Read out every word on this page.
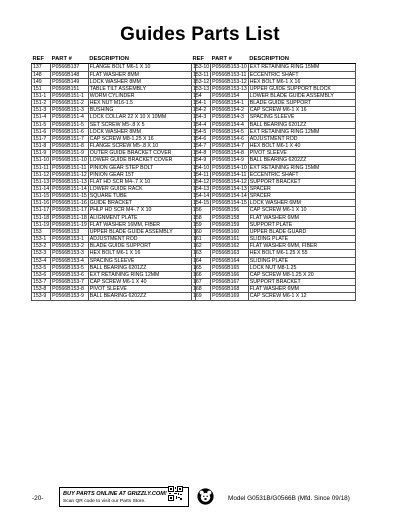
Guides Parts List
REF	PART #	DESCRIPTION
137	P0566B137	FLANGE BOLT M6-1 X 10
148	P0566B148	FLAT WASHER 8MM
149	P0566B149	LOCK WASHER 8MM
151	P0566B151	TABLE TILT ASSEMBLY
151-1	P0566B151-1	WORM CYLINDER
151-2	P0566B151-2	HEX NUT M16-1.5
151-3	P0566B151-3	BUSHING
151-4	P0566B151-4	LOCK COLLAR 22 X 10 X 10MM
151-5	P0566B151-5	SET SCREW M5-.8 X 5
151-6	P0566B151-6	LOCK WASHER 8MM
151-7	P0566B151-7	CAP SCREW M8-1.25 X 16
151-8	P0566B151-8	FLANGE SCREW M5-.8 X 10
151-9	P0566B151-9	OUTER GUIDE BRACKET COVER
151-10	P0566B151-10	LOWER GUIDE BRACKET COVER
151-11	P0566B151-11	PINION GEAR STEP BOLT
151-12	P0566B151-12	PINION GEAR 15T
151-13	P0566B151-13	FLAT HD SCR M4-.7 X 10
151-14	P0566B151-14	LOWER GUIDE RACK
151-15	P0566B151-15	SQUARE TUBE
151-16	P0566B151-16	GUIDE BRACKET
151-17	P0566B151-17	PHLP HD SCR M4-.7 X 10
151-18	P0566B151-18	ALIGNMENT PLATE
151-19	P0566B151-19	FLAT WASHER 16MM, FIBER
153	P0566B153	UPPER BLADE GUIDE ASSEMBLY
153-1	P0566B153-1	ADJUSTMENT ROD
153-2	P0566B153-2	BLADE GUIDE SUPPORT
153-3	P0566B153-3	HEX BOLT M6-1 X 16
153-4	P0566B153-4	SPACING SLEEVE
153-5	P0566B153-5	BALL BEARING 6201ZZ
153-6	P0566B153-6	EXT RETAINING RING 12MM
153-7	P0566B153-7	CAP SCREW M6-1 X 40
153-8	P0566B153-8	PIVOT SLEEVE
153-9	P0566B153-9	BALL BEARING 6202ZZ
REF	PART #	DESCRIPTION
153-10	P0566B153-10	EXT RETAINING RING 15MM
153-11	P0566B153-11	ECCENTRIC SHAFT
153-12	P0566B153-12	HEX BOLT M6-1 X 16
153-13	P0566B153-13	UPPER GUIDE SUPPORT BLOCK
154	P0566B154	LOWER BLADE GUIDE ASSEMBLY
154-1	P0566B154-1	BLADE GUIDE SUPPORT
154-2	P0566B154-2	CAP SCREW M6-1 X 16
154-3	P0566B154-3	SPACING SLEEVE
154-4	P0566B154-4	BALL BEARING 6201ZZ
154-5	P0566B154-5	EXT RETAINING RING 12MM
154-6	P0566B154-6	ADJUSTMENT ROD
154-7	P0566B154-7	HEX BOLT M6-1 X 40
154-8	P0566B154-8	PIVOT SLEEVE
154-9	P0566B154-9	BALL BEARING 6202ZZ
154-10	P0566B154-10	EXT RETAINING RING 15MM
154-11	P0566B154-11	ECCENTRIC SHAFT
154-12	P0566B154-12	SUPPORT BRACKET
154-13	P0566B154-13	SPACER
154-14	P0566B154-14	SPACER
154-15	P0566B154-15	LOCK WASHER 6MM
156	P0566B156	CAP SCREW M6-1 X 10
158	P0566B158	FLAT WASHER 6MM
159	P0566B159	SUPPORT PLATE
160	P0566B160	UPPER BLADE GUARD
161	P0566B161	SLIDING PLATE
162	P0566B162	FLAT WASHER 6MM, FIBER
163	P0566B163	HEX BOLT M6-1.25 X 55
164	P0566B164	SLIDING PLATE
165	P0566B165	LOCK NUT M8-1.25
166	P0566B166	CAP SCREW M8-1.25 X 20
167	P0566B167	SUPPORT BRACKET
168	P0566B168	FLAT WASHER 6MM
169	P0566B169	CAP SCREW M6-1 X 12
-20-
BUY PARTS ONLINE AT GRIZZLY.COM!
Scan QR code to visit our Parts Store.	Model G0531B/G0566B (Mfd. Since 09/18)
